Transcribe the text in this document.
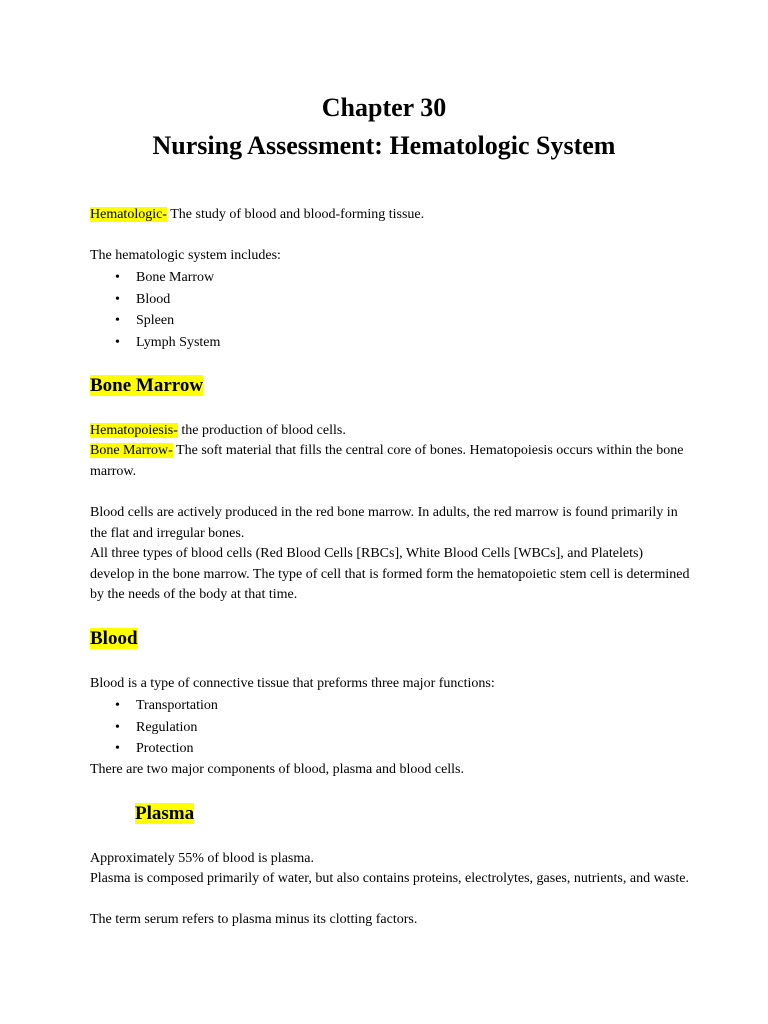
Chapter 30
Nursing Assessment: Hematologic System

Hematologic- The study of blood and blood-forming tissue.

The hematologic system includes:

• Bone Marrow
• Blood
• Spleen
• Lymph System
Bone Marrow

Hematopoiesis- the production of blood cells.

Bone Marrow- The soft material that fills the central core of bones. Hematopoiesis occurs within the bone marrow.

Blood cells are actively produced in the red bone marrow. In adults, the red marrow is found primarily in the flat and irregular bones.

All three types of blood cells (Red Blood Cells [RBCs], White Blood Cells [WBCs], and Platelets) develop in the bone marrow. The type of cell that is formed form the hematopoietic stem cell is determined by the needs of the body at that time.

Blood

Blood is a type of connective tissue that preforms three major functions:

• Transportation
• Regulation
• Protection

There are two major components of blood, plasma and blood cells.

Plasma

Approximately 55% of blood is plasma.

Plasma is composed primarily of water, but also contains proteins, electrolytes, gases, nutrients, and waste.

The term serum refers to plasma minus its clotting factors.
